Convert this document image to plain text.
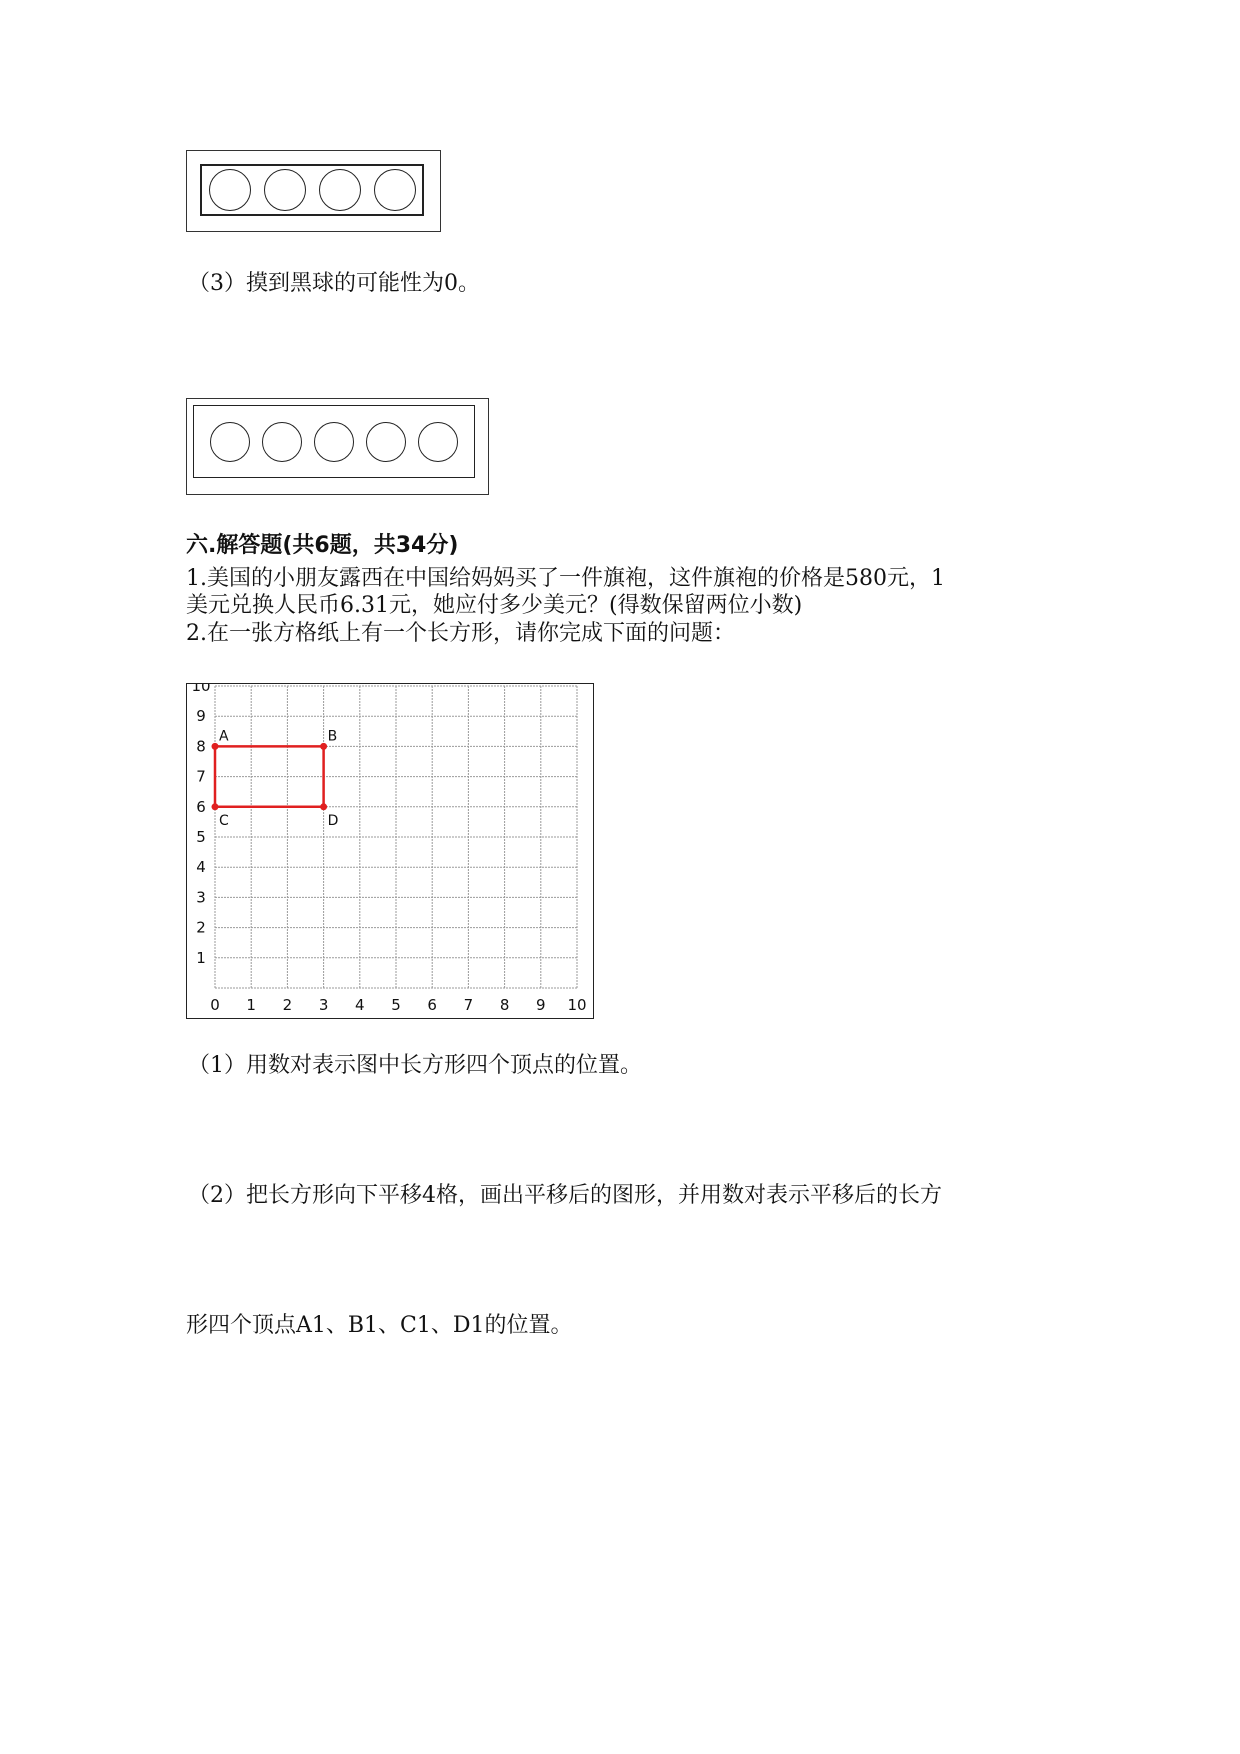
（3）摸到黑球的可能性为0。
六.解答题(共6题，共34分)
1.美国的小朋友露西在中国给妈妈买了一件旗袍，这件旗袍的价格是580元，1
美元兑换人民币6.31元，她应付多少美元？(得数保留两位小数)
2.在一张方格纸上有一个长方形，请你完成下面的问题：
0 1 2 3 4 5 6 7 8 9 10
1
2
3
4
5
6
7
8
9
10
A	B
C	D
（1）用数对表示图中长方形四个顶点的位置。
（2）把长方形向下平移4格，画出平移后的图形，并用数对表示平移后的长方
形四个顶点A1、B1、C1、D1的位置。
